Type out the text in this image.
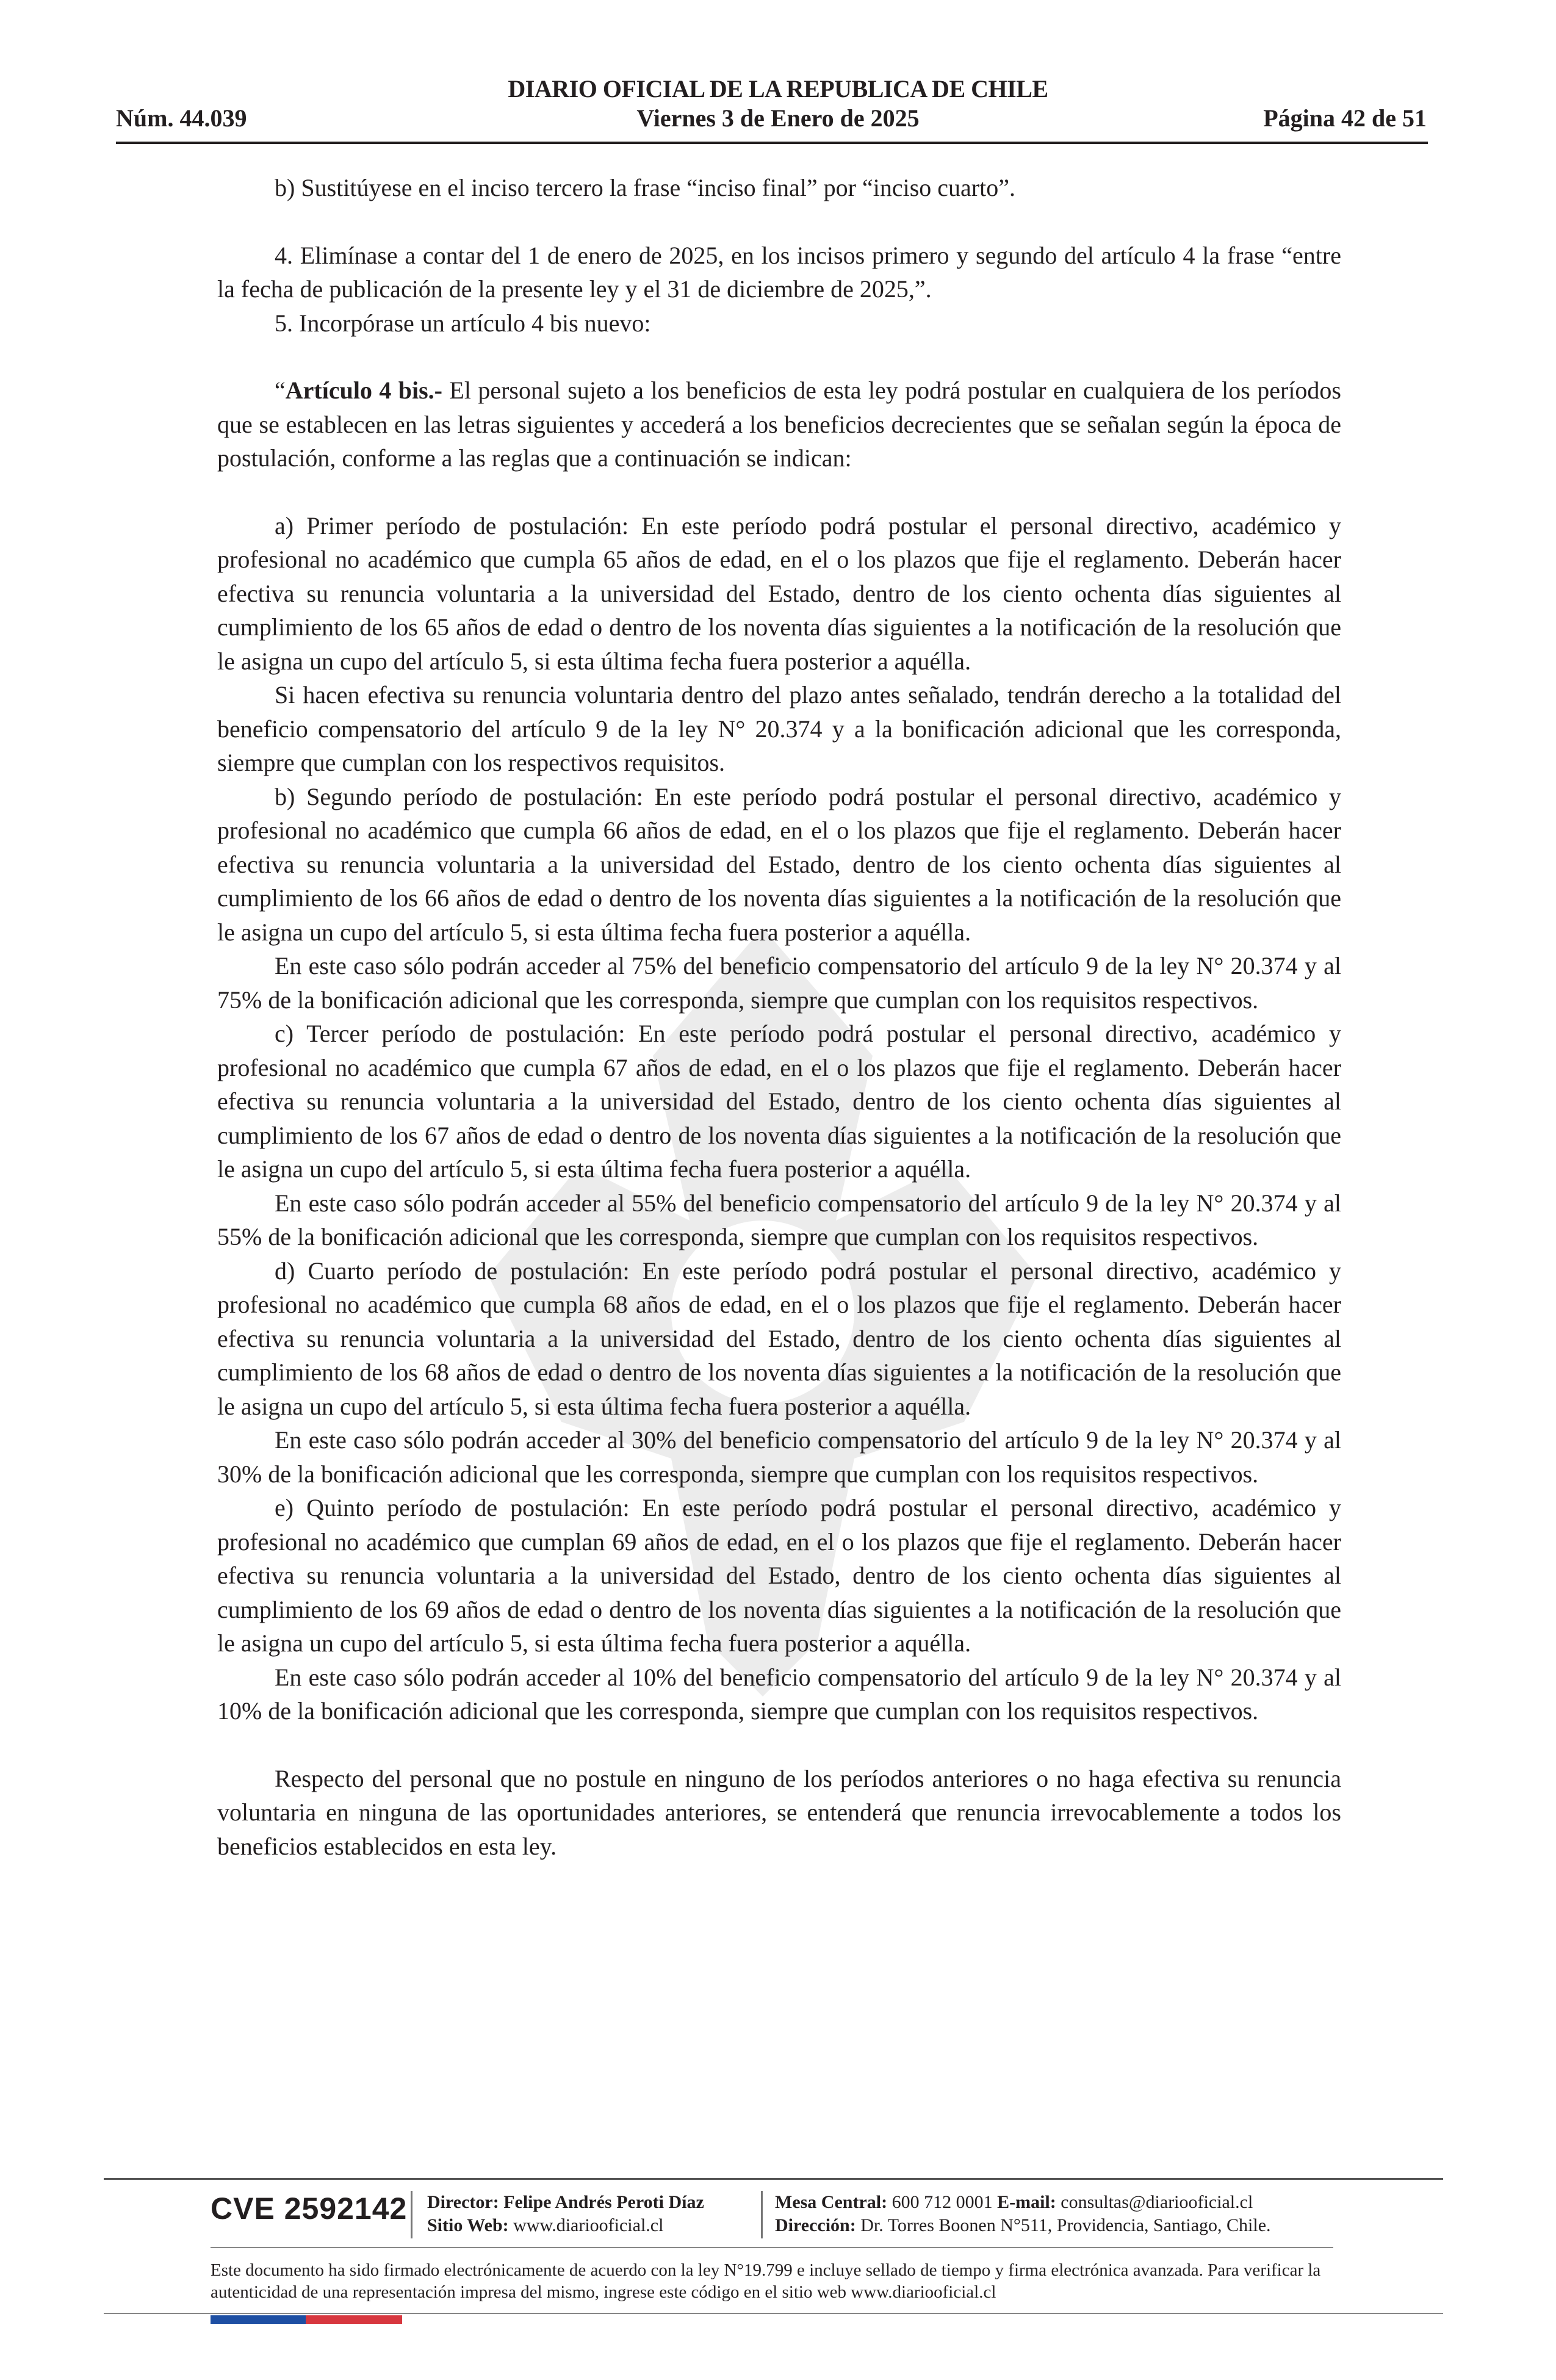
DIARIO OFICIAL DE LA REPUBLICA DE CHILE
Núm. 44.039	Viernes 3 de Enero de 2025	Página 42 de 51

b) Sustitúyese en el inciso tercero la frase “inciso final” por “inciso cuarto”.

4. Elimínase a contar del 1 de enero de 2025, en los incisos primero y segundo del artículo 4 la frase “entre la fecha de publicación de la presente ley y el 31 de diciembre de 2025,”.

5. Incorpórase un artículo 4 bis nuevo:

“Artículo 4 bis.- El personal sujeto a los beneficios de esta ley podrá postular en cualquiera de los períodos que se establecen en las letras siguientes y accederá a los beneficios decrecientes que se señalan según la época de postulación, conforme a las reglas que a continuación se indican:

a) Primer período de postulación: En este período podrá postular el personal directivo, académico y profesional no académico que cumpla 65 años de edad, en el o los plazos que fije el reglamento. Deberán hacer efectiva su renuncia voluntaria a la universidad del Estado, dentro de los ciento ochenta días siguientes al cumplimiento de los 65 años de edad o dentro de los noventa días siguientes a la notificación de la resolución que le asigna un cupo del artículo 5, si esta última fecha fuera posterior a aquélla.

Si hacen efectiva su renuncia voluntaria dentro del plazo antes señalado, tendrán derecho a la totalidad del beneficio compensatorio del artículo 9 de la ley N° 20.374 y a la bonificación adicional que les corresponda, siempre que cumplan con los respectivos requisitos.

b) Segundo período de postulación: En este período podrá postular el personal directivo, académico y profesional no académico que cumpla 66 años de edad, en el o los plazos que fije el reglamento. Deberán hacer efectiva su renuncia voluntaria a la universidad del Estado, dentro de los ciento ochenta días siguientes al cumplimiento de los 66 años de edad o dentro de los noventa días siguientes a la notificación de la resolución que le asigna un cupo del artículo 5, si esta última fecha fuera posterior a aquélla.

En este caso sólo podrán acceder al 75% del beneficio compensatorio del artículo 9 de la ley N° 20.374 y al 75% de la bonificación adicional que les corresponda, siempre que cumplan con los requisitos respectivos.

c) Tercer período de postulación: En este período podrá postular el personal directivo, académico y profesional no académico que cumpla 67 años de edad, en el o los plazos que fije el reglamento. Deberán hacer efectiva su renuncia voluntaria a la universidad del Estado, dentro de los ciento ochenta días siguientes al cumplimiento de los 67 años de edad o dentro de los noventa días siguientes a la notificación de la resolución que le asigna un cupo del artículo 5, si esta última fecha fuera posterior a aquélla.

En este caso sólo podrán acceder al 55% del beneficio compensatorio del artículo 9 de la ley N° 20.374 y al 55% de la bonificación adicional que les corresponda, siempre que cumplan con los requisitos respectivos.

d) Cuarto período de postulación: En este período podrá postular el personal directivo, académico y profesional no académico que cumpla 68 años de edad, en el o los plazos que fije el reglamento. Deberán hacer efectiva su renuncia voluntaria a la universidad del Estado, dentro de los ciento ochenta días siguientes al cumplimiento de los 68 años de edad o dentro de los noventa días siguientes a la notificación de la resolución que le asigna un cupo del artículo 5, si esta última fecha fuera posterior a aquélla.

En este caso sólo podrán acceder al 30% del beneficio compensatorio del artículo 9 de la ley N° 20.374 y al 30% de la bonificación adicional que les corresponda, siempre que cumplan con los requisitos respectivos.

e) Quinto período de postulación: En este período podrá postular el personal directivo, académico y profesional no académico que cumplan 69 años de edad, en el o los plazos que fije el reglamento. Deberán hacer efectiva su renuncia voluntaria a la universidad del Estado, dentro de los ciento ochenta días siguientes al cumplimiento de los 69 años de edad o dentro de los noventa días siguientes a la notificación de la resolución que le asigna un cupo del artículo 5, si esta última fecha fuera posterior a aquélla.

En este caso sólo podrán acceder al 10% del beneficio compensatorio del artículo 9 de la ley N° 20.374 y al 10% de la bonificación adicional que les corresponda, siempre que cumplan con los requisitos respectivos.

Respecto del personal que no postule en ninguno de los períodos anteriores o no haga efectiva su renuncia voluntaria en ninguna de las oportunidades anteriores, se entenderá que renuncia irrevocablemente a todos los beneficios establecidos en esta ley.

CVE 2592142 Director: Felipe Andrés Peroti Díaz
Sitio Web: www.diariooficial.cl
Mesa Central: 600 712 0001 E-mail: consultas@diariooficial.cl
Dirección: Dr. Torres Boonen N°511, Providencia, Santiago, Chile.
Este documento ha sido firmado electrónicamente de acuerdo con la ley N°19.799 e incluye sellado de tiempo y firma electrónica avanzada. Para verificar la autenticidad de una representación impresa del mismo, ingrese este código en el sitio web www.diariooficial.cl
